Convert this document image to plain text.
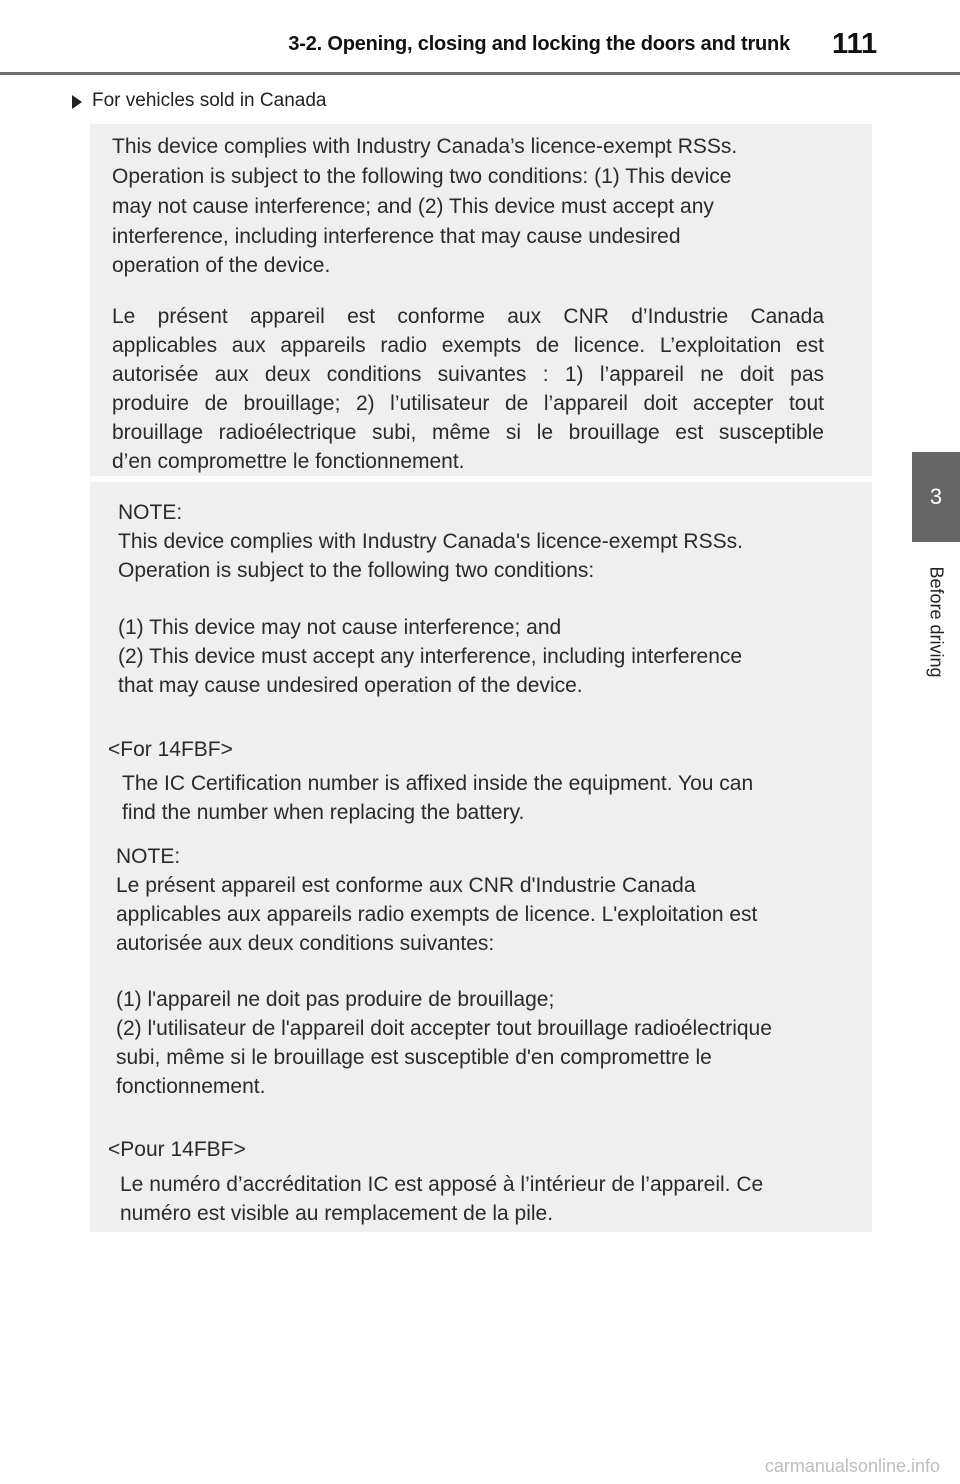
3-2. Opening, closing and locking the doors and trunk 111
3
Before driving
For vehicles sold in Canada
This device complies with Industry Canada’s licence-exempt RSSs.
Operation is subject to the following two conditions: (1) This device
may not cause interference; and (2) This device must accept any
interference, including interference that may cause undesired
operation of the device.
Le présent appareil est conforme aux CNR d’Industrie Canada
applicables aux appareils radio exempts de licence. L’exploitation est
autorisée aux deux conditions suivantes : 1) l’appareil ne doit pas
produire de brouillage; 2) l’utilisateur de l’appareil doit accepter tout
brouillage radioélectrique subi, même si le brouillage est susceptible
d’en compromettre le fonctionnement.
NOTE:
This device complies with Industry Canada's licence-exempt RSSs.
Operation is subject to the following two conditions:
(1) This device may not cause interference; and
(2) This device must accept any interference, including interference
that may cause undesired operation of the device.
<For 14FBF>
The IC Certification number is affixed inside the equipment. You can
find the number when replacing the battery.
NOTE:
Le présent appareil est conforme aux CNR d'Industrie Canada
applicables aux appareils radio exempts de licence. L'exploitation est
autorisée aux deux conditions suivantes:
(1) l'appareil ne doit pas produire de brouillage;
(2) l'utilisateur de l'appareil doit accepter tout brouillage radioélectrique
subi, même si le brouillage est susceptible d'en compromettre le
fonctionnement.
<Pour 14FBF>
Le numéro d’accréditation IC est apposé à l’intérieur de l’appareil. Ce
numéro est visible au remplacement de la pile.
carmanualsonline.info
